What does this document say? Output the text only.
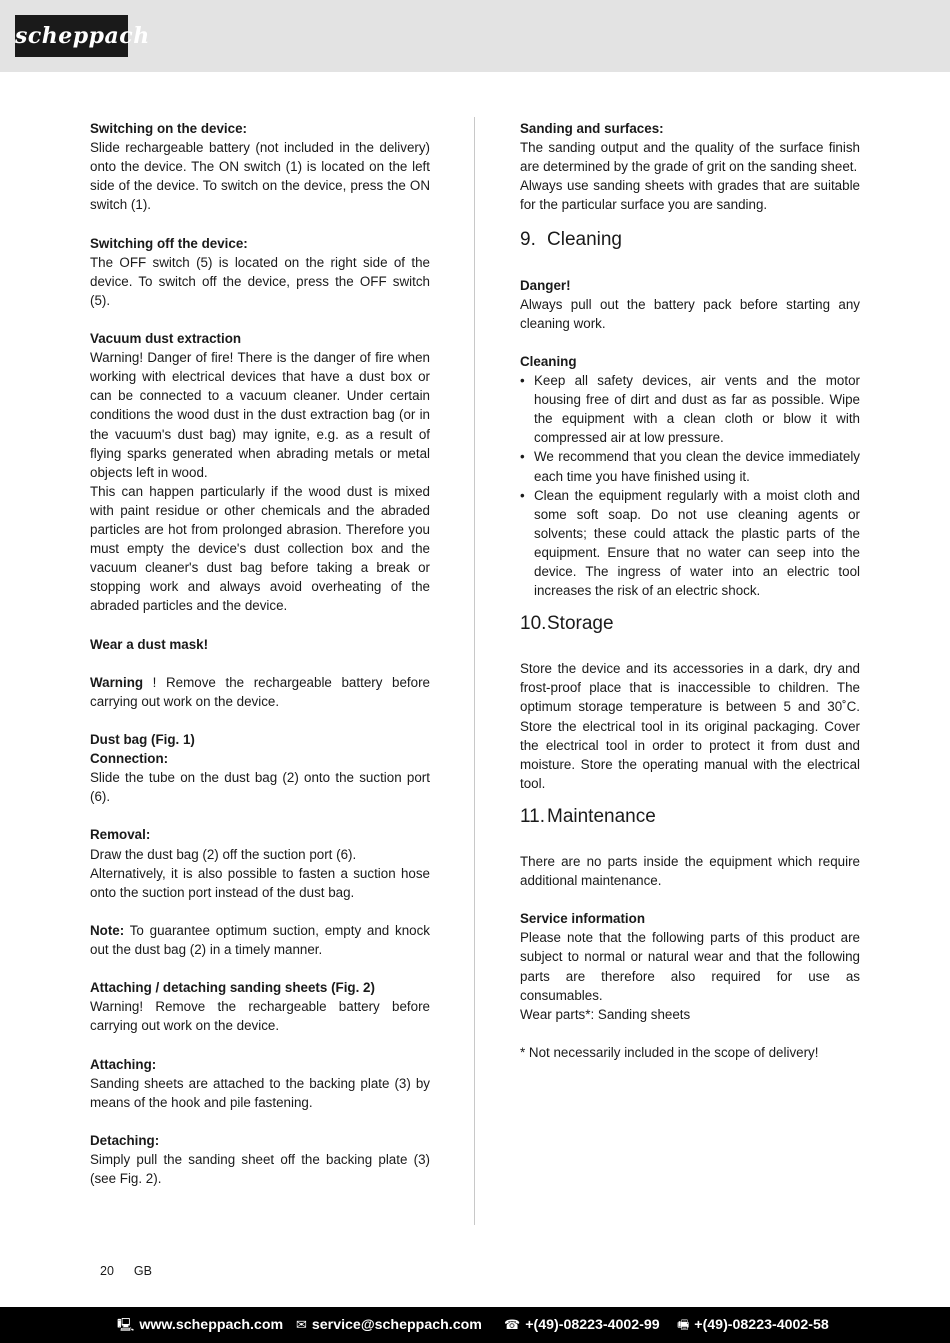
scheppach
Switching on the device:
Slide rechargeable battery (not included in the delivery) onto the device. The ON switch (1) is located on the left side of the device. To switch on the device, press the ON switch (1).
Switching off the device:
The OFF switch (5) is located on the right side of the device. To switch off the device, press the OFF switch (5).
Vacuum dust extraction
Warning! Danger of fire! There is the danger of fire when working with electrical devices that have a dust box or can be connected to a vacuum cleaner. Under certain conditions the wood dust in the dust extraction bag (or in the vacuum's dust bag) may ignite, e.g. as a result of flying sparks generated when abrading metals or metal objects left in wood.
This can happen particularly if the wood dust is mixed with paint residue or other chemicals and the abraded particles are hot from prolonged abrasion. Therefore you must empty the device's dust collection box and the vacuum cleaner's dust bag before taking a break or stopping work and always avoid overheating of the abraded particles and the device.
Wear a dust mask!
Warning ! Remove the rechargeable battery before carrying out work on the device.
Dust bag (Fig. 1)
Connection:
Slide the tube on the dust bag (2) onto the suction port (6).
Removal:
Draw the dust bag (2) off the suction port (6).
Alternatively, it is also possible to fasten a suction hose onto the suction port instead of the dust bag.
Note: To guarantee optimum suction, empty and knock out the dust bag (2) in a timely manner.
Attaching / detaching sanding sheets (Fig. 2)
Warning! Remove the rechargeable battery before carrying out work on the device.
Attaching:
Sanding sheets are attached to the backing plate (3) by means of the hook and pile fastening.
Detaching:
Simply pull the sanding sheet off the backing plate (3) (see Fig. 2).
Sanding and surfaces:
The sanding output and the quality of the surface finish are determined by the grade of grit on the sanding sheet.
Always use sanding sheets with grades that are suitable for the particular surface you are sanding.
9. Cleaning
Danger!
Always pull out the battery pack before starting any cleaning work.
Cleaning
• Keep all safety devices, air vents and the motor housing free of dirt and dust as far as possible. Wipe the equipment with a clean cloth or blow it with compressed air at low pressure.
• We recommend that you clean the device immediately each time you have finished using it.
• Clean the equipment regularly with a moist cloth and some soft soap. Do not use cleaning agents or solvents; these could attack the plastic parts of the equipment. Ensure that no water can seep into the device. The ingress of water into an electric tool increases the risk of an electric shock.
10.Storage
Store the device and its accessories in a dark, dry and frost-proof place that is inaccessible to children. The optimum storage temperature is between 5 and 30˚C. Store the electrical tool in its original packaging. Cover the electrical tool in order to protect it from dust and moisture. Store the operating manual with the electrical tool.
11. Maintenance
There are no parts inside the equipment which require additional maintenance.
Service information
Please note that the following parts of this product are subject to normal or natural wear and that the following parts are therefore also required for use as consumables.
Wear parts*: Sanding sheets
* Not necessarily included in the scope of delivery!
20 GB
🖳 www.scheppach.com ✉ service@scheppach.com ☎ +(49)-08223-4002-99 🖷 +(49)-08223-4002-58
